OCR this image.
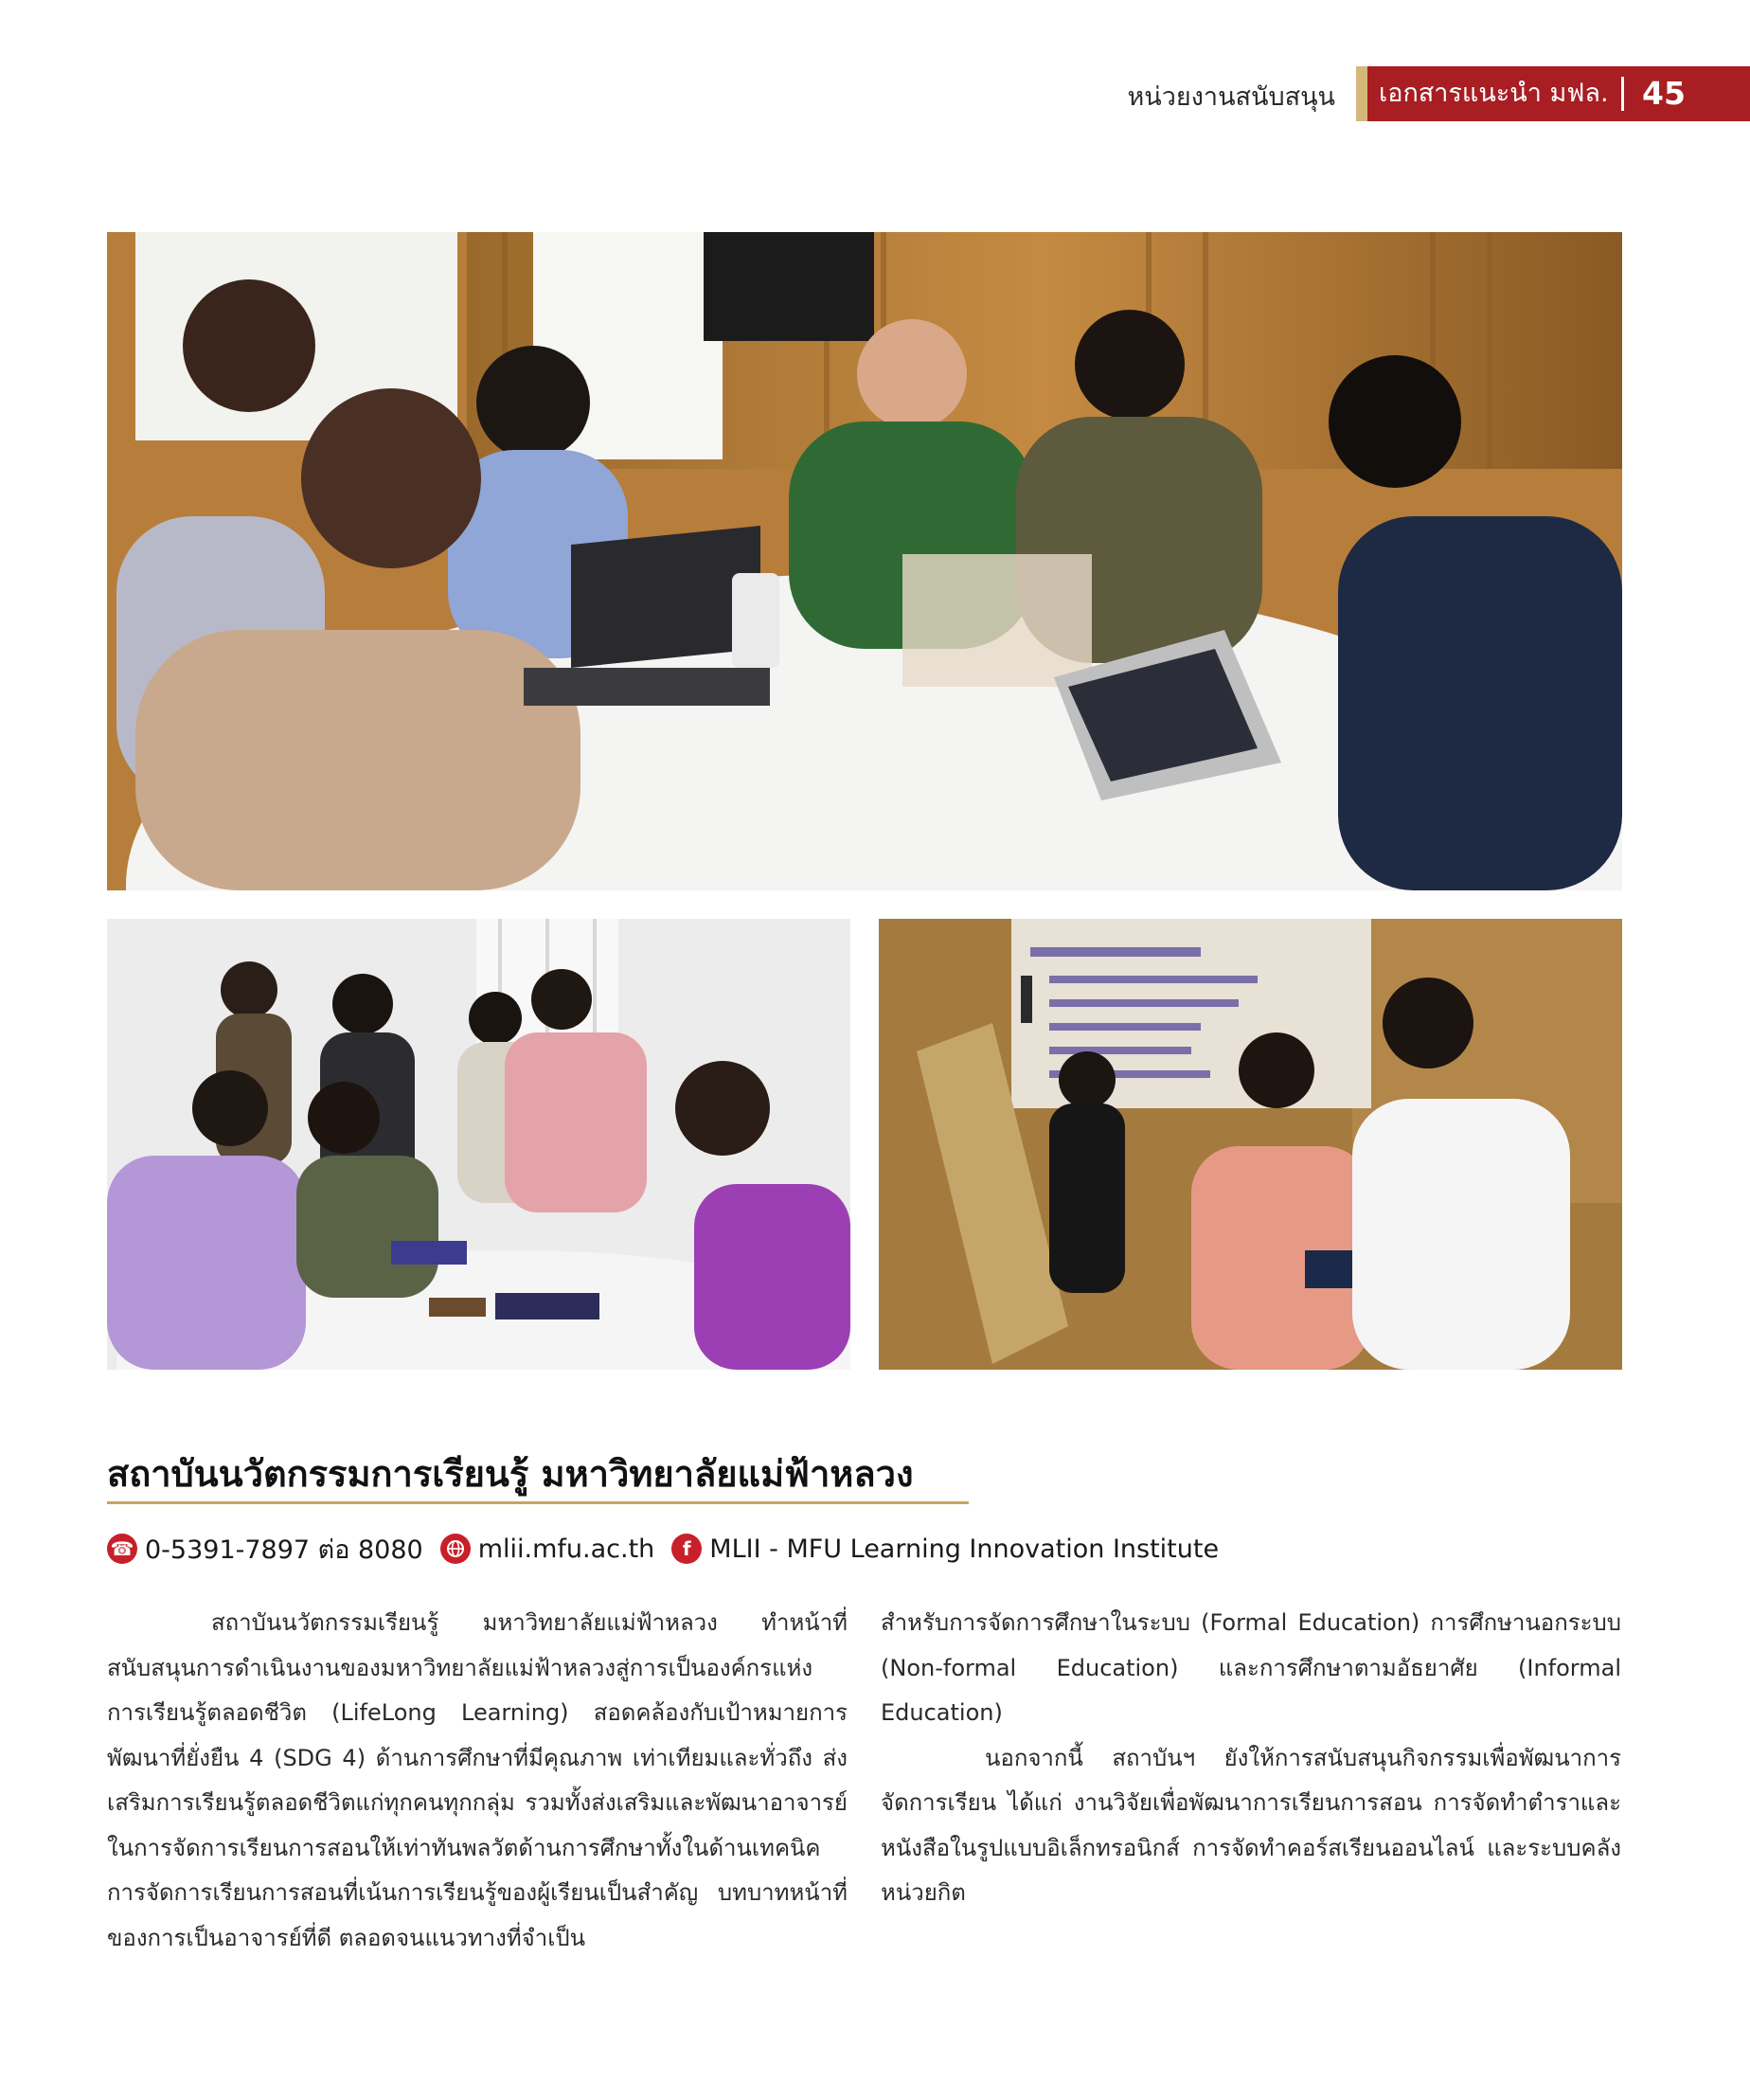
หน่วยงานสนับสนุน เอกสารแนะนำ มฟล. 45
สถาบันนวัตกรรมการเรียนรู้ มหาวิทยาลัยแม่ฟ้าหลวง
☎ 0-5391-7897 ต่อ 8080 mlii.mfu.ac.th	f MLII - MFU Learning Innovation Institute

สถาบันนวัตกรรมเรียนรู้ มหาวิทยาลัยแม่ฟ้าหลวง ทำหน้าที่สนับสนุนการดำเนินงานของมหาวิทยาลัยแม่ฟ้าหลวงสู่การเป็นองค์กรแห่งการเรียนรู้ตลอดชีวิต (LifeLong Learning) สอดคล้องกับเป้าหมายการพัฒนาที่ยั่งยืน 4 (SDG 4) ด้านการศึกษาที่มีคุณภาพ เท่าเทียมและทั่วถึง ส่งเสริมการเรียนรู้ตลอดชีวิตแก่ทุกคนทุกกลุ่ม รวมทั้งส่งเสริมและพัฒนาอาจารย์ในการจัดการเรียนการสอนให้เท่าทันพลวัตด้านการศึกษาทั้งในด้านเทคนิคการจัดการเรียนการสอนที่เน้นการเรียนรู้ของผู้เรียนเป็นสำคัญ บทบาทหน้าที่ของการเป็นอาจารย์ที่ดี ตลอดจนแนวทางที่จำเป็น

สำหรับการจัดการศึกษาในระบบ (Formal Education) การศึกษานอกระบบ (Non-formal Education) และการศึกษาตามอัธยาศัย (Informal Education)

นอกจากนี้ สถาบันฯ ยังให้การสนับสนุนกิจกรรมเพื่อพัฒนาการจัดการเรียน ได้แก่ งานวิจัยเพื่อพัฒนาการเรียนการสอน การจัดทำตำราและหนังสือในรูปแบบอิเล็กทรอนิกส์ การจัดทำคอร์สเรียนออนไลน์ และระบบคลังหน่วยกิต
